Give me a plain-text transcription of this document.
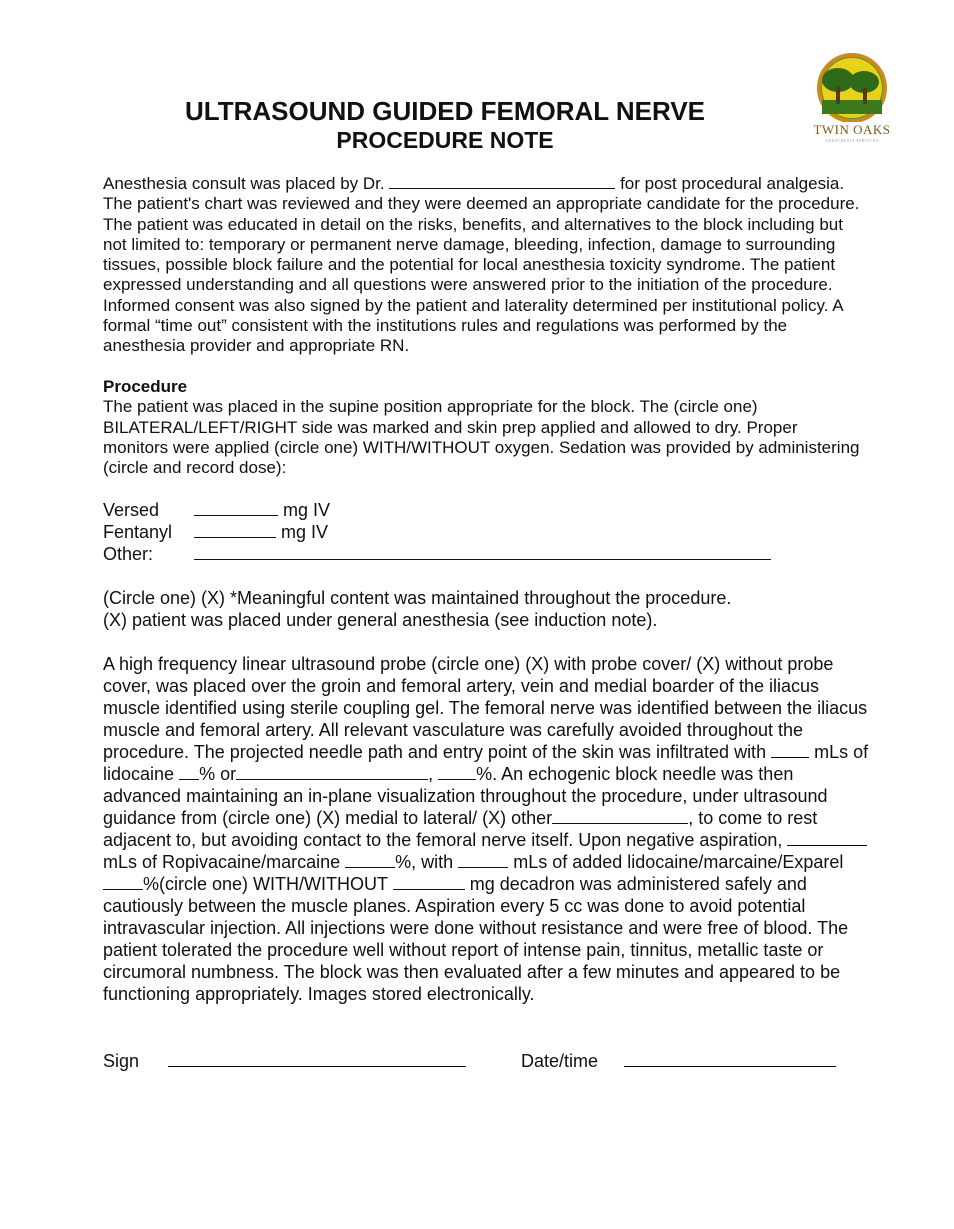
TWIN OAKS
ANESTHESIA SERVICES
ULTRASOUND GUIDED FEMORAL NERVE
PROCEDURE NOTE
Anesthesia consult was placed by Dr.	for post procedural analgesia. The patient's chart was reviewed and they were deemed an appropriate candidate for the procedure. The patient was educated in detail on the risks, benefits, and alternatives to the block including but not limited to: temporary or permanent nerve damage, bleeding, infection, damage to surrounding tissues, possible block failure and the potential for local anesthesia toxicity syndrome. The patient expressed understanding and all questions were answered prior to the initiation of the procedure. Informed consent was also signed by the patient and laterality determined per institutional policy. A formal “time out” consistent with the institutions rules and regulations was performed by the anesthesia provider and appropriate RN.
Procedure
The patient was placed in the supine position appropriate for the block. The (circle one) BILATERAL/LEFT/RIGHT side was marked and skin prep applied and allowed to dry. Proper monitors were applied (circle one) WITH/WITHOUT oxygen. Sedation was provided by administering (circle and record dose):
Versed	mg IV
Fentanyl	mg IV
Other:
(Circle one) (X) *Meaningful content was maintained throughout the procedure.
(X) patient was placed under general anesthesia (see induction note).
A high frequency linear ultrasound probe (circle one) (X) with probe cover/ (X) without probe cover, was placed over the groin and femoral artery, vein and medial boarder of the iliacus muscle identified using sterile coupling gel. The femoral nerve was identified between the iliacus muscle and femoral artery. All relevant vasculature was carefully avoided throughout the procedure. The projected needle path and entry point of the skin was infiltrated with	mLs of lidocaine % or	, %. An echogenic block needle was then advanced maintaining an in-plane visualization throughout the procedure, under ultrasound guidance from (circle one) (X) medial to lateral/ (X) other	, to come to rest adjacent to, but avoiding contact to the femoral nerve itself. Upon negative aspiration, mLs of Ropivacaine/marcaine	%, with	mLs of added lidocaine/marcaine/Exparel %(circle one) WITH/WITHOUT	mg decadron was administered safely and cautiously between the muscle planes. Aspiration every 5 cc was done to avoid potential intravascular injection. All injections were done without resistance and were free of blood. The patient tolerated the procedure well without report of intense pain, tinnitus, metallic taste or circumoral numbness. The block was then evaluated after a few minutes and appeared to be functioning appropriately. Images stored electronically.
Sign	Date/time
